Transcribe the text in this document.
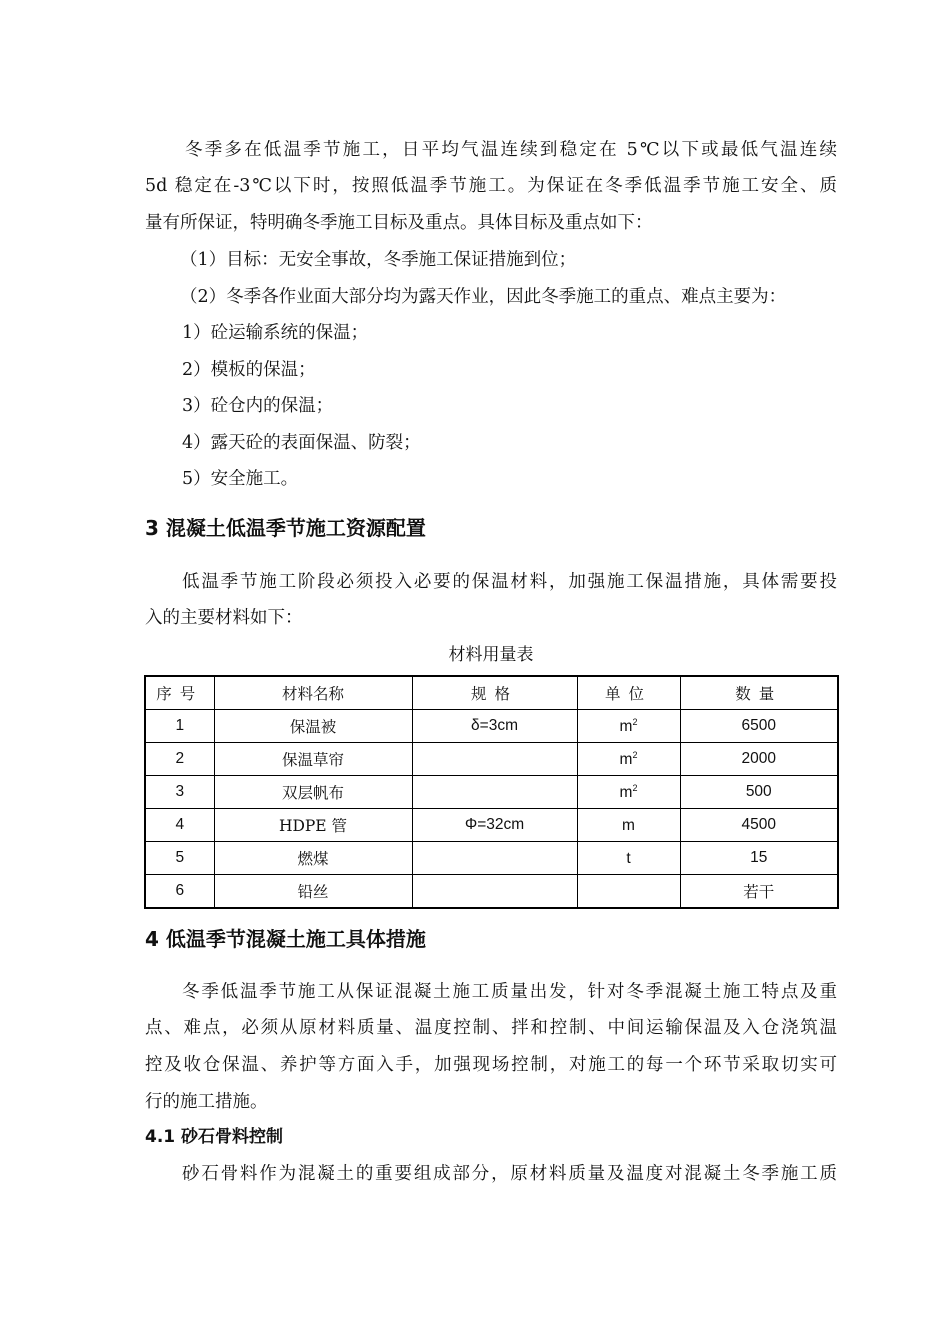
冬季多在低温季节施工，日平均气温连续到稳定在 5℃以下或最低气温连续
5d 稳定在-3℃以下时，按照低温季节施工。为保证在冬季低温季节施工安全、质
量有所保证，特明确冬季施工目标及重点。具体目标及重点如下：
（1）目标：无安全事故，冬季施工保证措施到位；
（2）冬季各作业面大部分均为露天作业，因此冬季施工的重点、难点主要为：
1）砼运输系统的保温；
2）模板的保温；
3）砼仓内的保温；
4）露天砼的表面保温、防裂；
5）安全施工。
3 混凝土低温季节施工资源配置
低温季节施工阶段必须投入必要的保温材料，加强施工保温措施，具体需要投
入的主要材料如下：
材料用量表
序号	材料名称	规格	单位	数量
1	保温被	δ=3cm	$m^2$	6500
2	保温草帘		$m^2$	2000
3	双层帆布		$m^2$	500
4	HDPE 管	Φ=32cm	m	4500
5	燃煤		t	15
6	铅丝			若干
4 低温季节混凝土施工具体措施
冬季低温季节施工从保证混凝土施工质量出发，针对冬季混凝土施工特点及重
点、难点，必须从原材料质量、温度控制、拌和控制、中间运输保温及入仓浇筑温
控及收仓保温、养护等方面入手，加强现场控制，对施工的每一个环节采取切实可
行的施工措施。
4.1 砂石骨料控制
砂石骨料作为混凝土的重要组成部分，原材料质量及温度对混凝土冬季施工质
